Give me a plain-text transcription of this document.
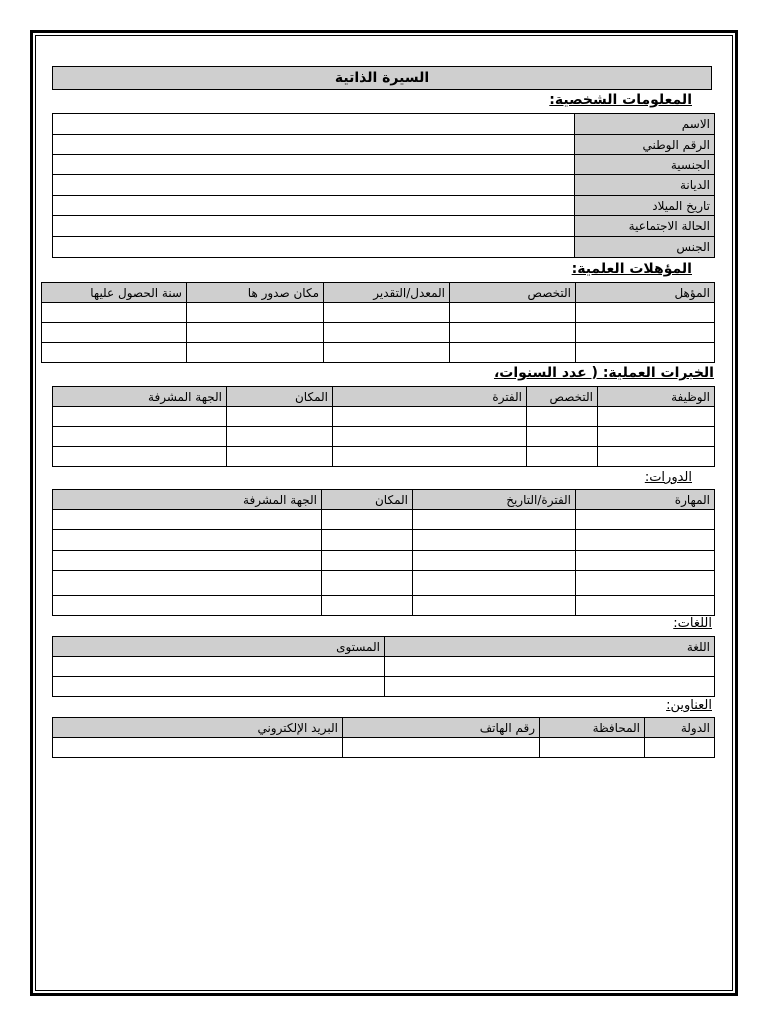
السيرة الذاتية
المعلومات الشخصية:
الاسم	
الرقم الوطني	
الجنسية	
الديانة	
تاريخ الميلاد	
الحالة الاجتماعية	
الجنس	
المؤهلات العلمية:
المؤهل	التخصص	المعدل/التقدير	مكان صدور ها	سنة الحصول عليها

الخبرات العملية: ( عدد السنوات،
الوظيفة	التخصص	الفترة	المكان	الجهة المشرفة

الدورات:
المهارة	الفترة/التاريخ	المكان	الجهة المشرفة

اللغات:
اللغة	المستوى

العناوين:
الدولة	المحافظة	رقم الهاتف	البريد الإلكتروني
